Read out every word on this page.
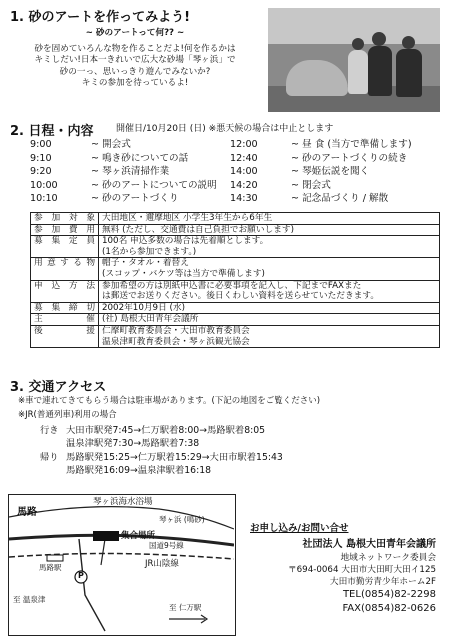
1. 砂のアートを作ってみよう!
~ 砂のアートって何?? ~
砂を固めていろんな物を作ることだよ!何を作るかは
キミしだい!日本一きれいで広大な砂場「琴ヶ浜」で
砂の一っ、思いっきり遊んでみないか?
キミの参加を待っているよ!
2. 日程・内容 開催日/10月20日 (日) ※悪天候の場合は中止とします
9:00	~ 開会式
9:10	~ 鳴き砂についての話
9:20	~ 琴ヶ浜清掃作業
10:00	~ 砂のアートについての説明
10:10	~ 砂のアートづくり
12:00	~ 昼 食 (当方で準備します)
12:40	~ 砂のアートづくりの続き
14:00	~ 琴姫伝説を聞く
14:20	~ 閉会式
14:30	~ 記念品づくり / 解散
参加対象	大田地区・邇摩地区 小学生3年生から6年生

参加費用	無料 (ただし、交通費は自己負担でお願いします)

募集定員	100名 申込多数の場合は先着順とします。
(1名から参加できます。)

用意する物	帽子・タオル・着替え
(スコップ・バケツ等は当方で準備します)

申込方法	参加希望の方は別紙申込書に必要事項を記入し、下記までFAXまた
は郵送でお送りください。後日くわしい資料を送らせていただきます。

募集締切	2002年10月9日 (水)

主 催	(社) 島根大田青年会議所

後 援	仁摩町教育委員会・大田市教育委員会
温泉津町教育委員会・琴ヶ浜観光協会
3. 交通アクセス
※車で連れてきてもらう場合は駐車場があります。(下記の地図をご覧ください)
※JR(普通列車)利用の場合
行き 大田市駅発7:45→仁万駅着8:00→馬路駅着8:05
温泉津駅発7:30→馬路駅着7:38
帰り 馬路駅発15:25→仁万駅着15:29→大田市駅着15:43
馬路駅発16:09→温泉津駅着16:18
馬路
琴ヶ浜海水浴場
琴ヶ浜 (鳴砂)
集合場所
JR山陰線
P
馬路駅
国道9号線
至 温泉津
至 仁万駅
お申し込み/お問い合せ
社団法人 島根大田青年会議所
地域ネットワーク委員会
〒694-0064 大田市大田町大田イ125
大田市勤労青少年ホーム2F
TEL(0854)82-2298
FAX(0854)82-0626
